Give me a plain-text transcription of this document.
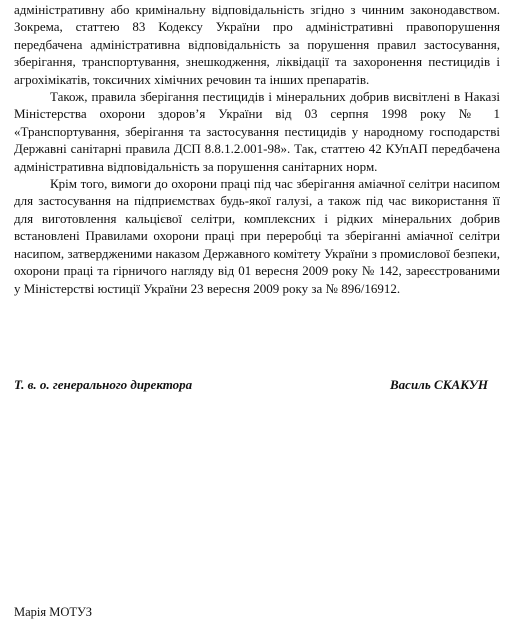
адміністративну або кримінальну відповідальність згідно з чинним законодавством. Зокрема, статтею 83 Кодексу України про адміністративні правопорушення передбачена адміністративна відповідальність за порушення правил застосування, зберігання, транспортування, знешкодження, ліквідації та захоронення пестицидів і агрохімікатів, токсичних хімічних речовин та інших препаратів.

Також, правила зберігання пестицидів і мінеральних добрив висвітлені в Наказі Міністерства охорони здоров’я України від 03 серпня 1998 року № 1 «Транспортування, зберігання та застосування пестицидів у народному господарстві Державні санітарні правила ДСП 8.8.1.2.001-98». Так, статтею 42 КУпАП передбачена адміністративна відповідальність за порушення санітарних норм.

Крім того, вимоги до охорони праці під час зберігання аміачної селітри насипом для застосування на підприємствах будь-якої галузі, а також під час використання її для виготовлення кальцієвої селітри, комплексних і рідких мінеральних добрив встановлені Правилами охорони праці при переробці та зберіганні аміачної селітри насипом, затвердженими наказом Державного комітету України з промислової безпеки, охорони праці та гірничого нагляду від 01 вересня 2009 року № 142, зареєстрованими у Міністерстві юстиції України 23 вересня 2009 року за № 896/16912.

Т. в. о. генерального директора	Василь СКАКУН
Марія МОТУЗ
